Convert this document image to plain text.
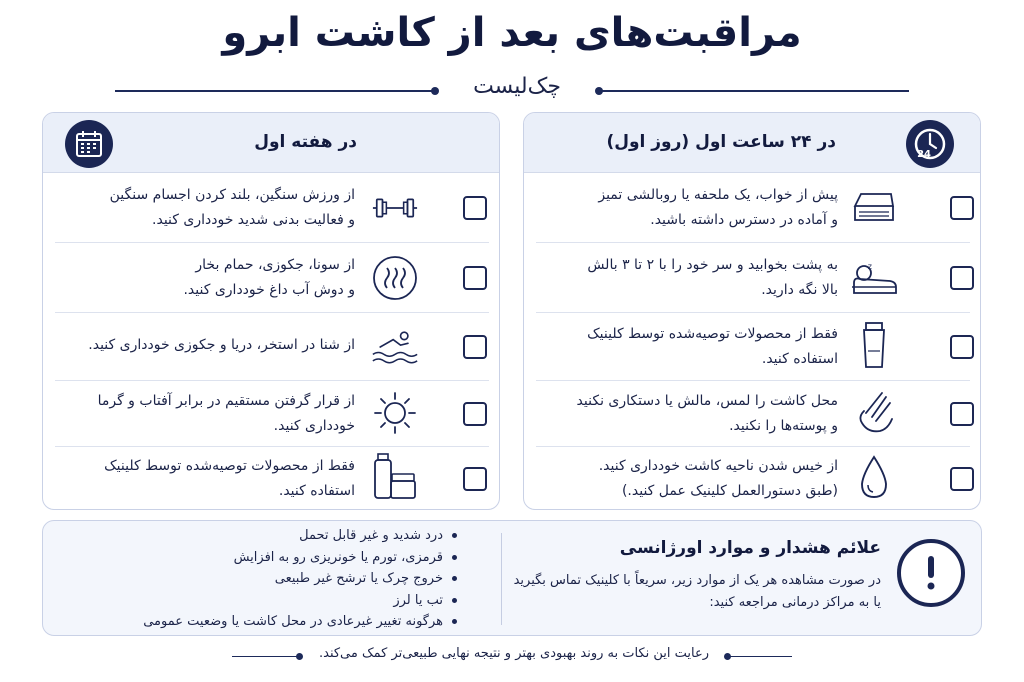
مراقبت‌های بعد از کاشت ابرو
چک‌لیست
24
در ۲۴ ساعت اول (روز اول)
پیش از خواب، یک ملحفه یا روبالشی تمیز
و آماده در دسترس داشته باشید.
به پشت بخوابید و سر خود را با ۲ تا ۳ بالش
بالا نگه دارید.
z
فقط از محصولات توصیه‌شده توسط کلینیک
استفاده کنید.
محل کاشت را لمس، مالش یا دستکاری نکنید
و پوسته‌ها را نکنید.
از خیس شدن ناحیه کاشت خودداری کنید.
(طبق دستورالعمل کلینیک عمل کنید.)
در هفته اول
از ورزش سنگین، بلند کردن اجسام سنگین
و فعالیت بدنی شدید خودداری کنید.
از سونا، جکوزی، حمام بخار
و دوش آب داغ خودداری کنید.
از شنا در استخر، دریا و جکوزی خودداری کنید.
از قرار گرفتن مستقیم در برابر آفتاب و گرما
خودداری کنید.
فقط از محصولات توصیه‌شده توسط کلینیک
استفاده کنید.
علائم هشدار و موارد اورژانسی
در صورت مشاهده هر یک از موارد زیر، سریعاً با کلینیک تماس بگیرید
یا به مراکز درمانی مراجعه کنید:
درد شدید و غیر قابل تحمل
قرمزی، تورم یا خونریزی رو به افزایش
خروج چرک یا ترشح غیر طبیعی
تب یا لرز
هرگونه تغییر غیرعادی در محل کاشت یا وضعیت عمومی
رعایت این نکات به روند بهبودی بهتر و نتیجه نهایی طبیعی‌تر کمک می‌کند.
